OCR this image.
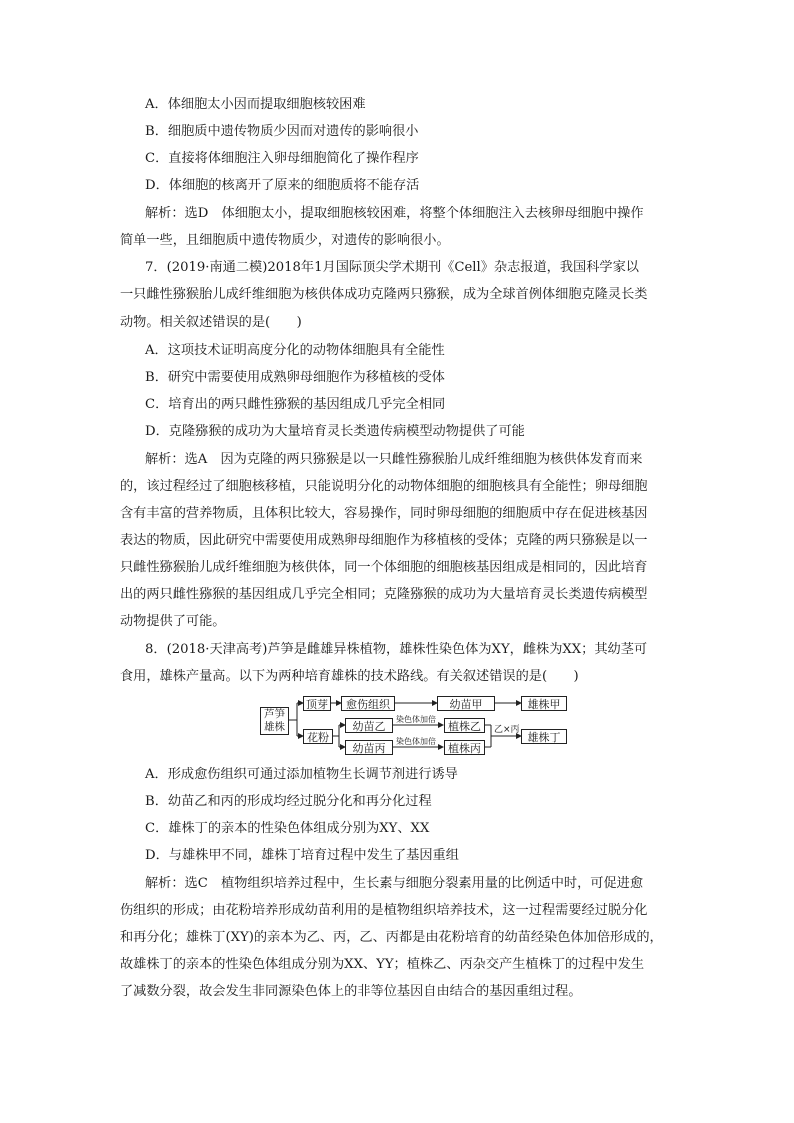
A．体细胞太小因而提取细胞核较困难
B．细胞质中遗传物质少因而对遗传的影响很小
C．直接将体细胞注入卵母细胞简化了操作程序
D．体细胞的核离开了原来的细胞质将不能存活
解析：选D　体细胞太小，提取细胞核较困难，将整个体细胞注入去核卵母细胞中操作
简单一些，且细胞质中遗传物质少，对遗传的影响很小。
7．(2019·南通二模)2018年1月国际顶尖学术期刊《Cell》杂志报道，我国科学家以
一只雌性猕猴胎儿成纤维细胞为核供体成功克隆两只猕猴，成为全球首例体细胞克隆灵长类
动物。相关叙述错误的是(　　)
A．这项技术证明高度分化的动物体细胞具有全能性
B．研究中需要使用成熟卵母细胞作为移植核的受体
C．培育出的两只雌性猕猴的基因组成几乎完全相同
D．克隆猕猴的成功为大量培育灵长类遗传病模型动物提供了可能
解析：选A　因为克隆的两只猕猴是以一只雌性猕猴胎儿成纤维细胞为核供体发育而来
的，该过程经过了细胞核移植，只能说明分化的动物体细胞的细胞核具有全能性；卵母细胞
含有丰富的营养物质，且体积比较大，容易操作，同时卵母细胞的细胞质中存在促进核基因
表达的物质，因此研究中需要使用成熟卵母细胞作为移植核的受体；克隆的两只猕猴是以一
只雌性猕猴胎儿成纤维细胞为核供体，同一个体细胞的细胞核基因组成是相同的，因此培育
出的两只雌性猕猴的基因组成几乎完全相同；克隆猕猴的成功为大量培育灵长类遗传病模型
动物提供了可能。
8．(2018·天津高考)芦笋是雌雄异株植物，雄株性染色体为XY，雌株为XX；其幼茎可
食用，雄株产量高。以下为两种培育雄株的技术路线。有关叙述错误的是(　　)
芦笋
雄株
顶芽	愈伤组织	幼苗甲	雄株甲
花粉
幼苗乙
幼苗丙
染色体加倍
染色体加倍
植株乙
植株丙
乙×丙
雄株丁
A．形成愈伤组织可通过添加植物生长调节剂进行诱导
B．幼苗乙和丙的形成均经过脱分化和再分化过程
C．雄株丁的亲本的性染色体组成分别为XY、XX
D．与雄株甲不同，雄株丁培育过程中发生了基因重组
解析：选C　植物组织培养过程中，生长素与细胞分裂素用量的比例适中时，可促进愈
伤组织的形成；由花粉培养形成幼苗利用的是植物组织培养技术，这一过程需要经过脱分化
和再分化；雄株丁(XY)的亲本为乙、丙，乙、丙都是由花粉培育的幼苗经染色体加倍形成的，
故雄株丁的亲本的性染色体组成分别为XX、YY；植株乙、丙杂交产生植株丁的过程中发生
了减数分裂，故会发生非同源染色体上的非等位基因自由结合的基因重组过程。
